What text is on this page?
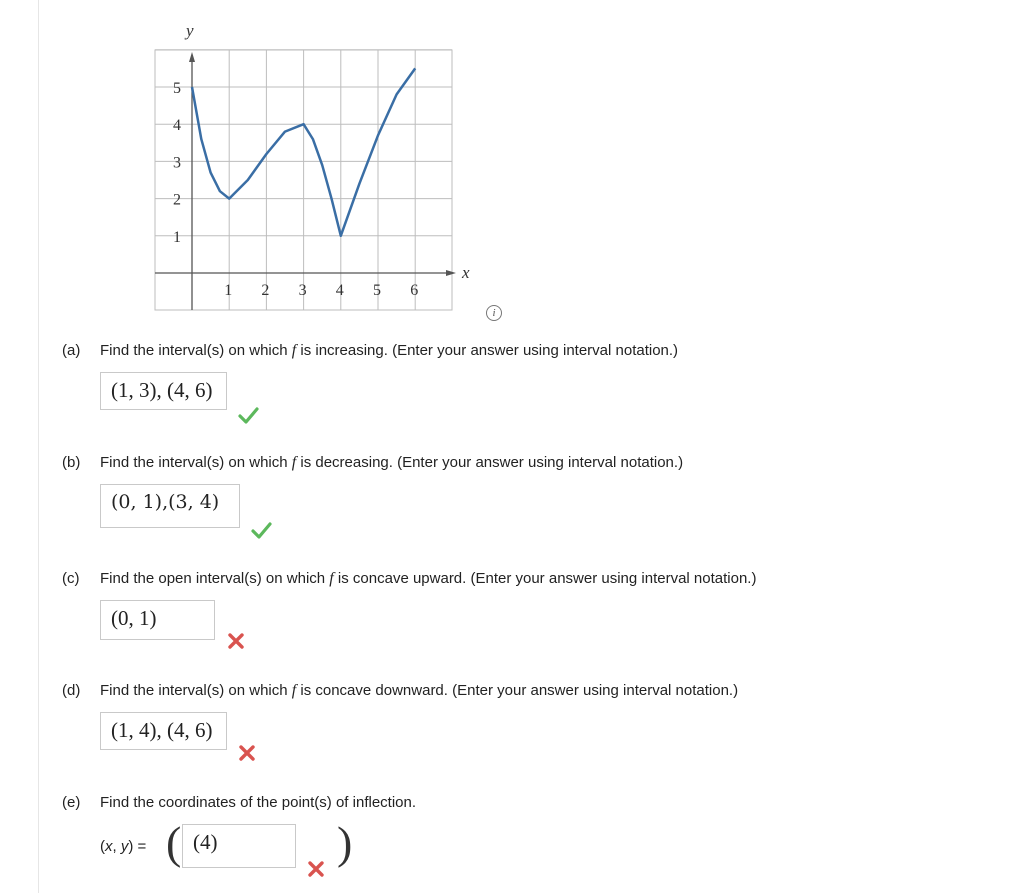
y
x
1 2 3 4 5 6
5
4
3
2
1
i
(a) Find the interval(s) on which f is increasing. (Enter your answer using interval notation.)
(1, 3), (4, 6)
(b) Find the interval(s) on which f is decreasing. (Enter your answer using interval notation.)
(0, 1),(3, 4)
(c) Find the open interval(s) on which f is concave upward. (Enter your answer using interval notation.)
(0, 1)
(d) Find the interval(s) on which f is concave downward. (Enter your answer using interval notation.)
(1, 4), (4, 6)
(e) Find the coordinates of the point(s) of inflection.
(x, y) = ( (4)	)
